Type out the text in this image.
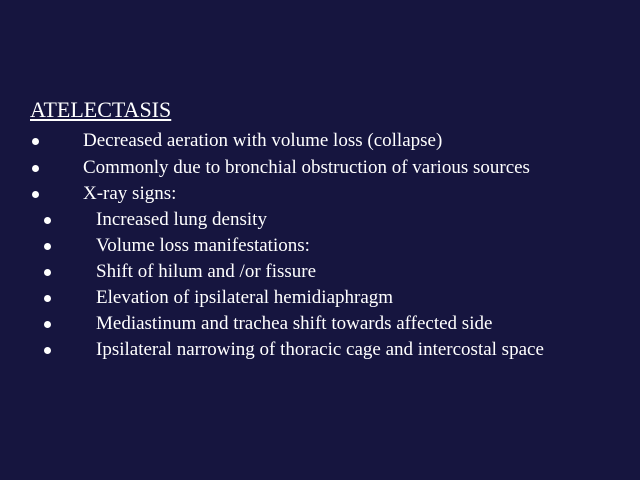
ATELECTASIS
Decreased aeration with volume loss (collapse)
Commonly due to bronchial obstruction of various sources
X-ray signs:
Increased lung density
Volume loss manifestations:
Shift of hilum and /or fissure
Elevation of ipsilateral hemidiaphragm
Mediastinum and trachea shift towards affected side
Ipsilateral narrowing of thoracic cage and intercostal space
